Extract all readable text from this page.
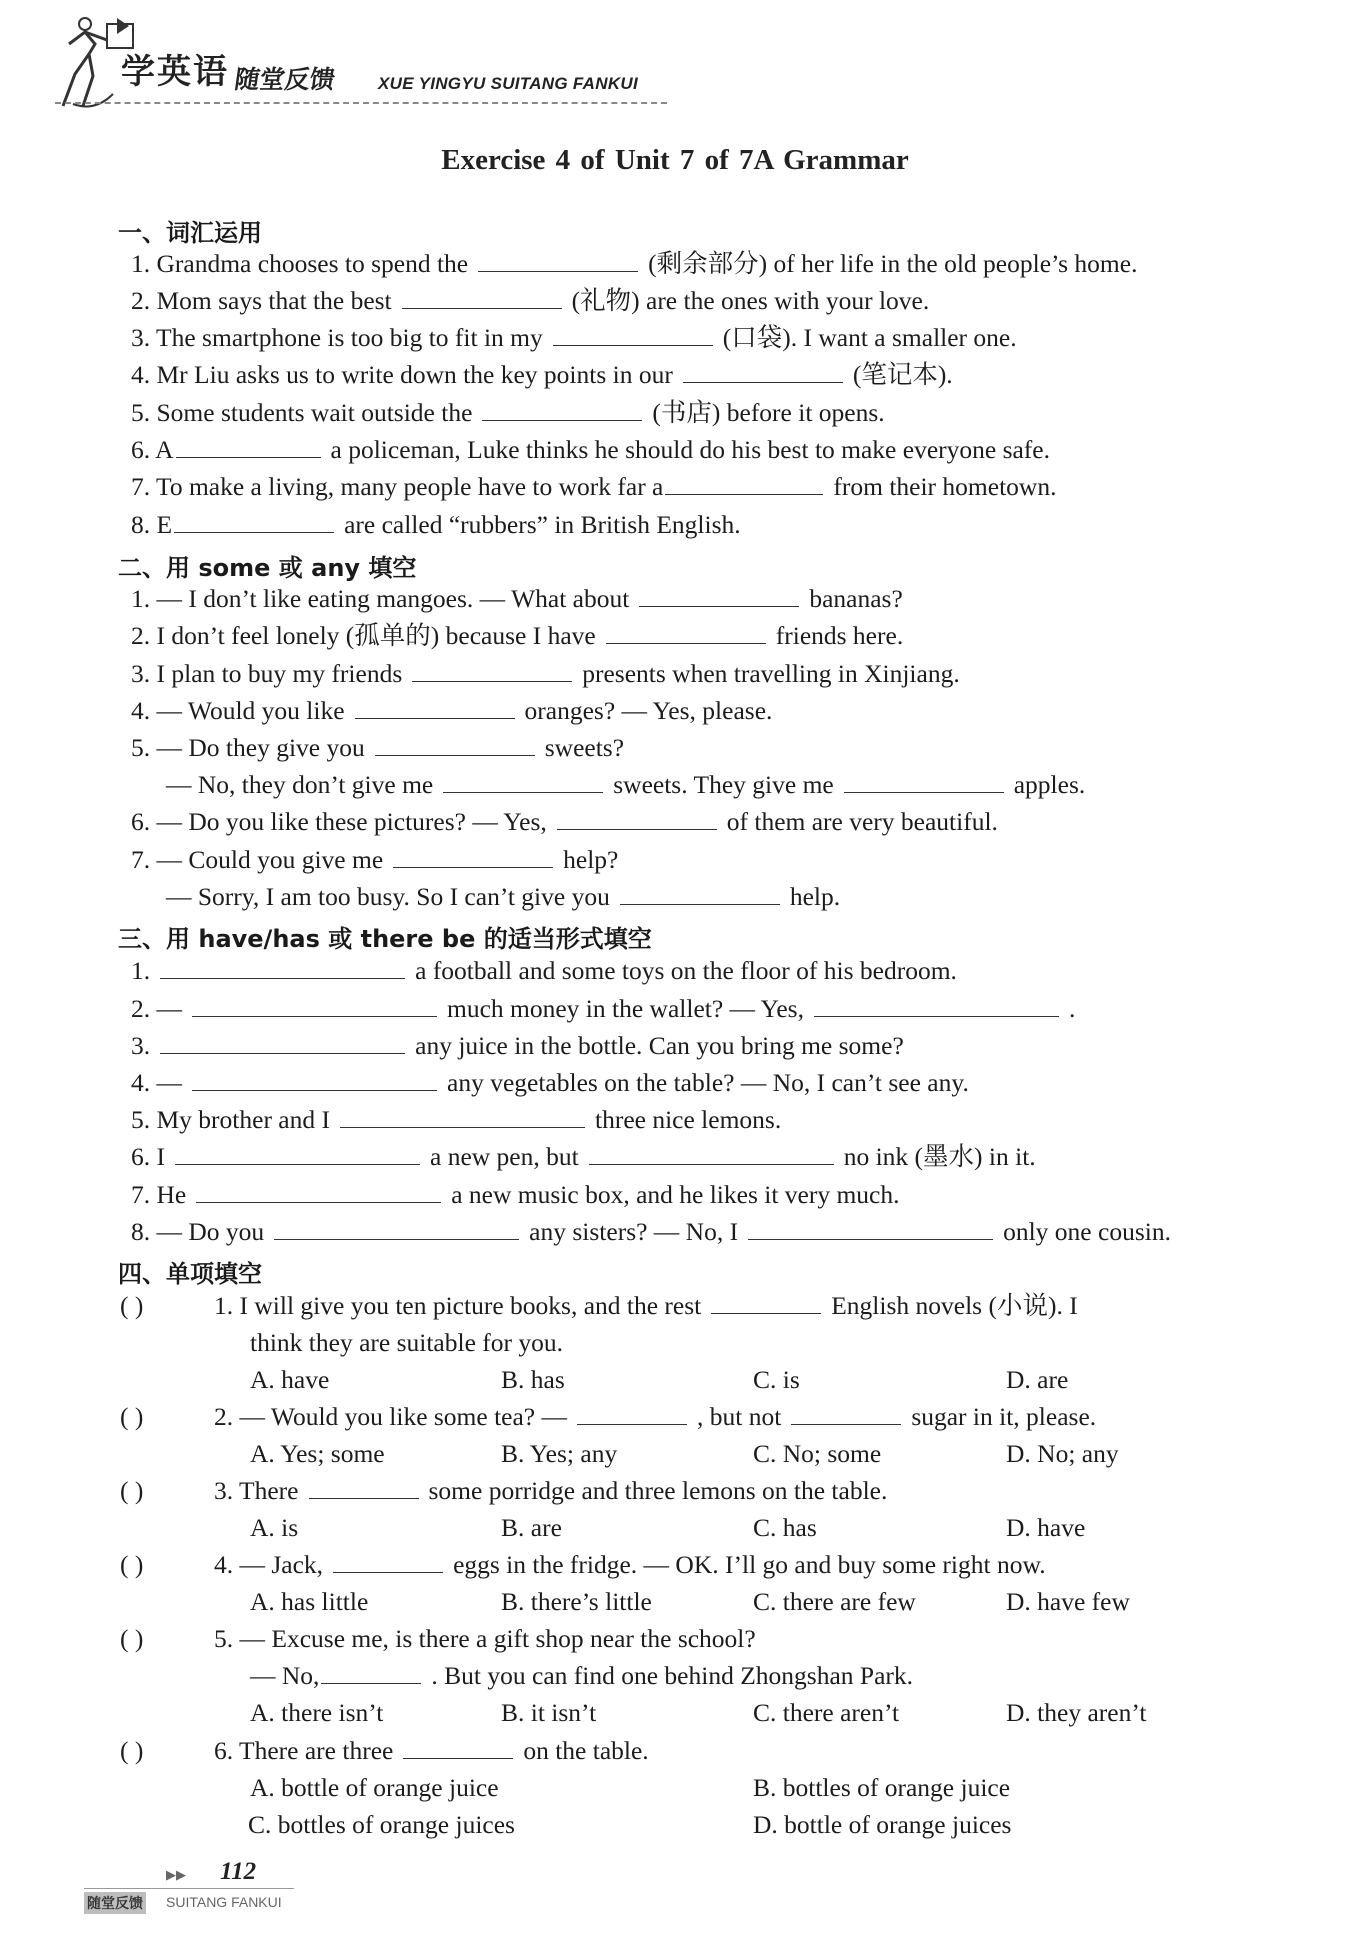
学英语 随堂反馈 XUE YINGYU SUITANG FANKUI
Exercise 4 of Unit 7 of 7A Grammar
一、词汇运用
1. Grandma chooses to spend the	(剩余部分) of her life in the old people’s home.
2. Mom says that the best	(礼物) are the ones with your love.
3. The smartphone is too big to fit in my	(口袋). I want a smaller one.
4. Mr Liu asks us to write down the key points in our	(笔记本).
5. Some students wait outside the	(书店) before it opens.
6. A	a policeman, Luke thinks he should do his best to make everyone safe.
7. To make a living, many people have to work far a	from their hometown.
8. E	are called “rubbers” in British English.
二、用 some 或 any 填空
1. — I don’t like eating mangoes. — What about	bananas?
2. I don’t feel lonely (孤单的) because I have	friends here.
3. I plan to buy my friends	presents when travelling in Xinjiang.
4. — Would you like	oranges? — Yes, please.
5. — Do they give you	sweets?
— No, they don’t give me	sweets. They give me	apples.
6. — Do you like these pictures? — Yes,	of them are very beautiful.
7. — Could you give me	help?
— Sorry, I am too busy. So I can’t give you	help.
三、用 have/has 或 there be 的适当形式填空
1.	a football and some toys on the floor of his bedroom.
2. —	much money in the wallet? — Yes,	.
3.	any juice in the bottle. Can you bring me some?
4. —	any vegetables on the table? — No, I can’t see any.
5. My brother and I	three nice lemons.
6. I	a new pen, but	no ink (墨水) in it.
7. He	a new music box, and he likes it very much.
8. — Do you	any sisters? — No, I	only one cousin.
四、单项填空
( )	1. I will give you ten picture books, and the rest	English novels (小说). I
think they are suitable for you.
A. have	B. has	C. is	D. are
( )	2. — Would you like some tea? —	, but not	sugar in it, please.
A. Yes; some	B. Yes; any	C. No; some	D. No; any
( )	3. There	some porridge and three lemons on the table.
A. is	B. are	C. has	D. have
( )	4. — Jack,	eggs in the fridge. — OK. I’ll go and buy some right now.
A. has little	B. there’s little	C. there are few	D. have few
( )	5. — Excuse me, is there a gift shop near the school?
— No,	. But you can find one behind Zhongshan Park.
A. there isn’t	B. it isn’t	C. there aren’t	D. they aren’t
( )	6. There are three	on the table.
A. bottle of orange juice	B. bottles of orange juice
C. bottles of orange juices	D. bottle of orange juices
▶▶ 112
随堂反馈 SUITANG FANKUI
